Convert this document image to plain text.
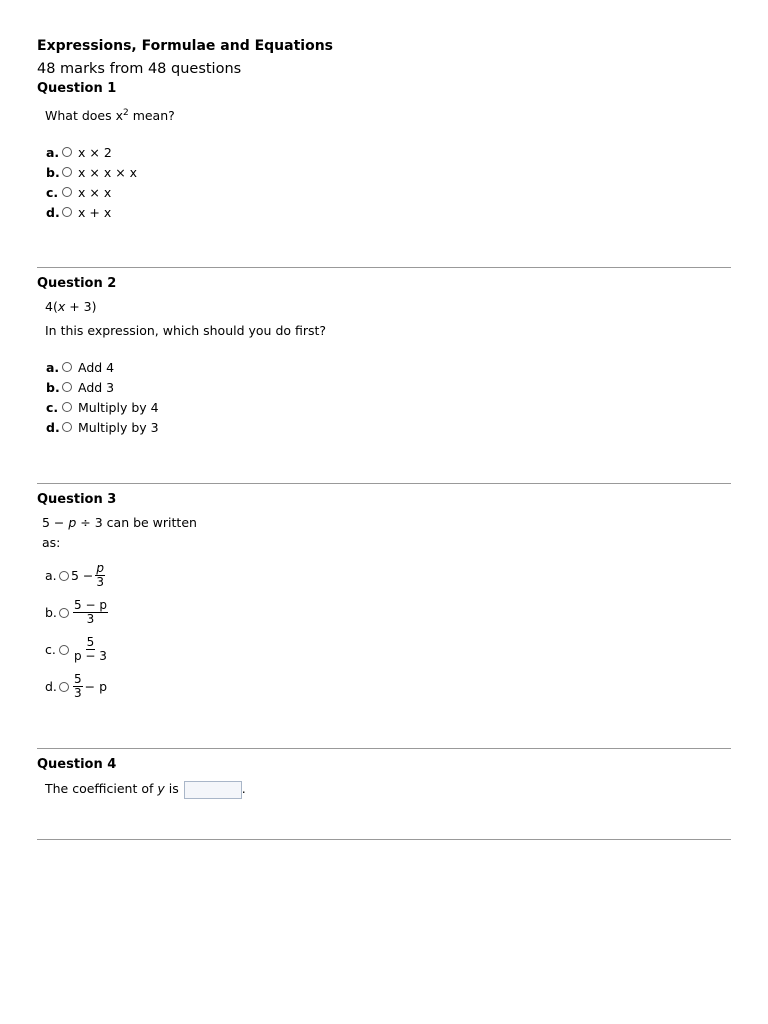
Expressions, Formulae and Equations
48 marks from 48 questions
Question 1
What does $x^2$ mean?
a. x × 2
b. x × x × x
c. x × x
d. x + x
Question 2
4(x + 3)
In this expression, which should you do first?
a. Add 4
b. Add 3
c. Multiply by 4
d. Multiply by 3
Question 3
5 − p ÷ 3 can be written
as:
a. $5 - \frac{p}{3}$
b. $\frac{5 - p}{3}$
c. $\frac{5}{p - 3}$
d. $\frac{5}{3} - p$
Question 4
The coefficient of y is	.
